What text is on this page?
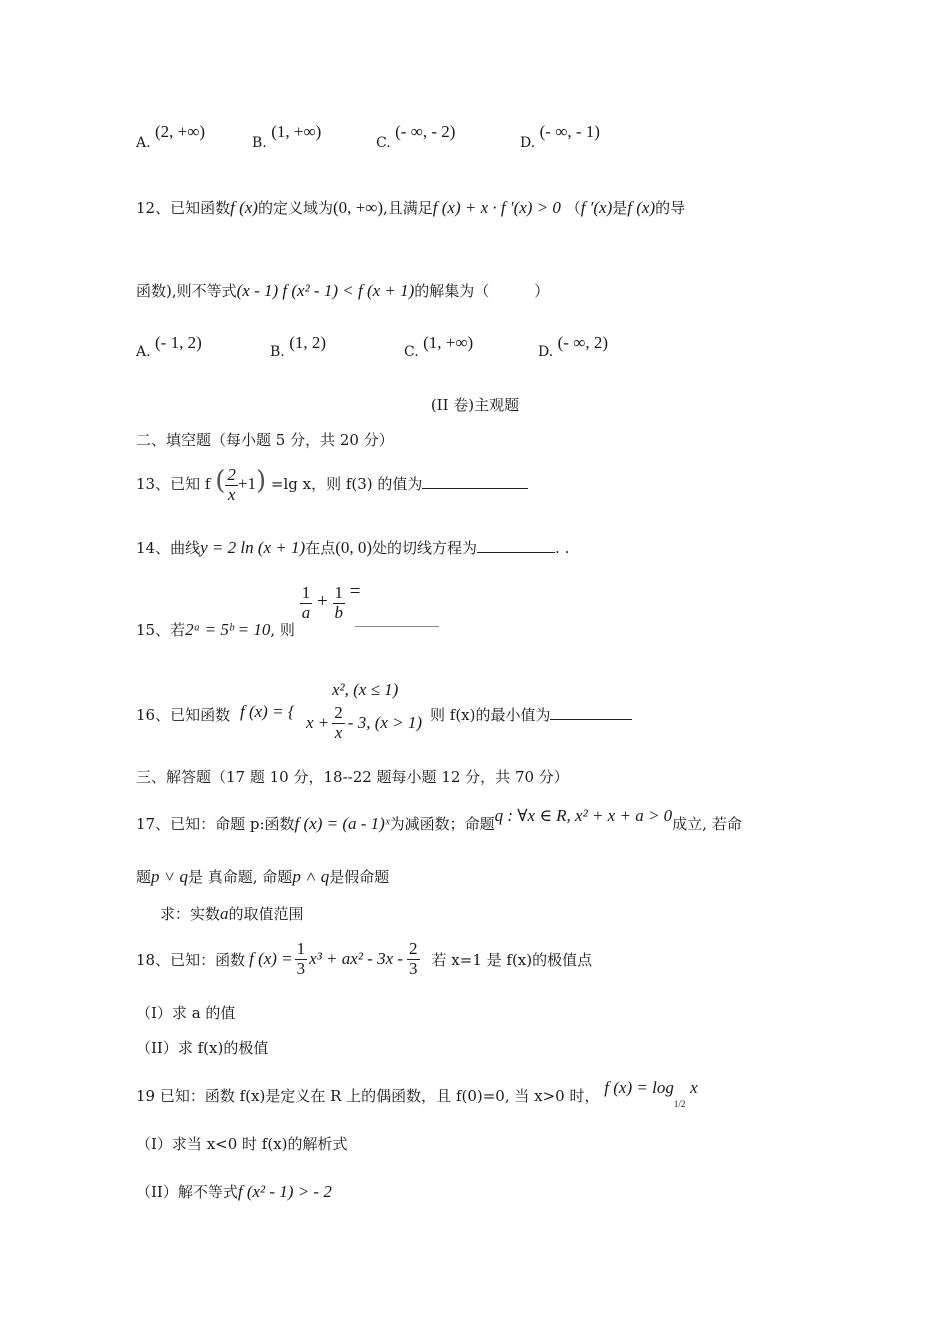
A. (2, +∞)
B. (1, +∞)
C. (- ∞, - 2)
D. (- ∞, - 1)
12、已知函数f (x)的定义域为(0, +∞),且满足f (x) + x · f ′(x) > 0 （f ′(x)是f (x)的导
函数),则不等式(x - 1) f (x² - 1) < f (x + 1)的解集为（　　　）
A. (- 1, 2)	B. (1, 2)	C. (1, +∞)	D. (- ∞, 2)
(II 卷)主观题
二、填空题（每小题 5 分，共 20 分）
13、已知 f ( $\frac{2}{x} +1) =\lg$ x，则 f(3) 的值为
14、曲线y = 2 ln (x + 1)在点(0, 0)处的切线方程为	. .
15、若2ᵃ = 5ᵇ = 10, 则
$\frac{1}{a} + \frac{1}{b}$ =
16、已知函数 f (x) = {
x², (x ≤ 1)
$x + \frac{2}{x} - 3$, (x > 1) 则 f(x)的最小值为
三、解答题（17 题 10 分，18--22 题每小题 12 分，共 70 分）
17、已知：命题 p:函数f (x) = (a - 1)ˣ为减函数；命题q : ∀x ∈ R, x² + x + a > 0成立, 若命
题p ˅ q是 真命题, 命题p ˄ q是假命题
求：实数a的取值范围
18、已知：函数 f $(x) = \frac{1}{3} x^3 + ax^2 - 3x - \frac{2}{3}$ 若 x=1 是 f(x)的极值点
（I）求 a 的值
（II）求 f(x)的极值
19 已知：函数 f(x)是定义在 R 上的偶函数，且 f(0)=0, 当 x>0 时， f $(x) = \log_{1/2} x$
（I）求当 x<0 时 f(x)的解析式
（II）解不等式f (x² - 1) > - 2
